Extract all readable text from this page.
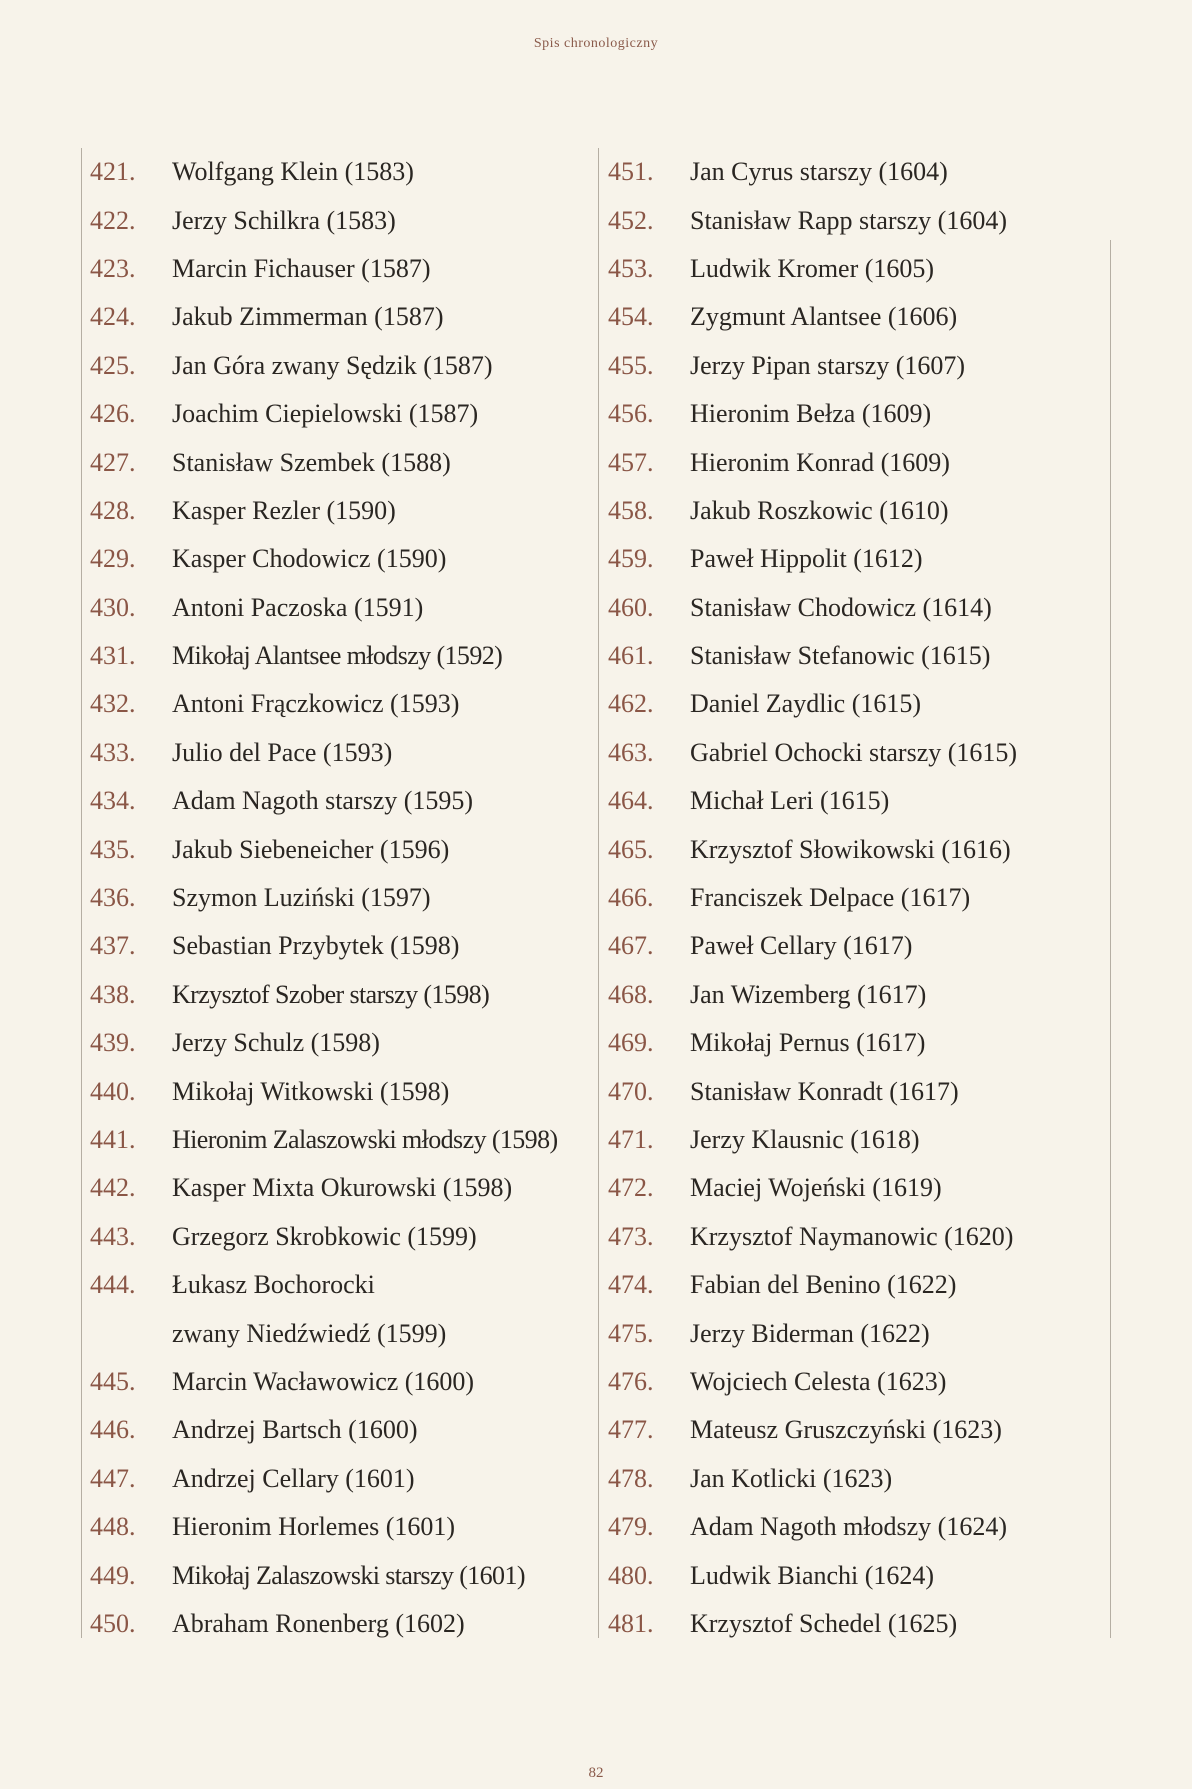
Spis chronologiczny
421.	Wolfgang Klein (1583)
422.	Jerzy Schilkra (1583)
423.	Marcin Fichauser (1587)
424.	Jakub Zimmerman (1587)
425.	Jan Góra zwany Sędzik (1587)
426.	Joachim Ciepielowski (1587)
427.	Stanisław Szembek (1588)
428.	Kasper Rezler (1590)
429.	Kasper Chodowicz (1590)
430.	Antoni Paczoska (1591)
431.	Mikołaj Alantsee młodszy (1592)
432.	Antoni Frączkowicz (1593)
433.	Julio del Pace (1593)
434.	Adam Nagoth starszy (1595)
435.	Jakub Siebeneicher (1596)
436.	Szymon Luziński (1597)
437.	Sebastian Przybytek (1598)
438.	Krzysztof Szober starszy (1598)
439.	Jerzy Schulz (1598)
440.	Mikołaj Witkowski (1598)
441.	Hieronim Zalaszowski młodszy (1598)
442.	Kasper Mixta Okurowski (1598)
443.	Grzegorz Skrobkowic (1599)
444.	Łukasz Bochorocki
zwany Niedźwiedź (1599)
445.	Marcin Wacławowicz (1600)
446.	Andrzej Bartsch (1600)
447.	Andrzej Cellary (1601)
448.	Hieronim Horlemes (1601)
449.	Mikołaj Zalaszowski starszy (1601)
450.	Abraham Ronenberg (1602)
451.	Jan Cyrus starszy (1604)
452.	Stanisław Rapp starszy (1604)
453.	Ludwik Kromer (1605)
454.	Zygmunt Alantsee (1606)
455.	Jerzy Pipan starszy (1607)
456.	Hieronim Bełza (1609)
457.	Hieronim Konrad (1609)
458.	Jakub Roszkowic (1610)
459.	Paweł Hippolit (1612)
460.	Stanisław Chodowicz (1614)
461.	Stanisław Stefanowic (1615)
462.	Daniel Zaydlic (1615)
463.	Gabriel Ochocki starszy (1615)
464.	Michał Leri (1615)
465.	Krzysztof Słowikowski (1616)
466.	Franciszek Delpace (1617)
467.	Paweł Cellary (1617)
468.	Jan Wizemberg (1617)
469.	Mikołaj Pernus (1617)
470.	Stanisław Konradt (1617)
471.	Jerzy Klausnic (1618)
472.	Maciej Wojeński (1619)
473.	Krzysztof Naymanowic (1620)
474.	Fabian del Benino (1622)
475.	Jerzy Biderman (1622)
476.	Wojciech Celesta (1623)
477.	Mateusz Gruszczyński (1623)
478.	Jan Kotlicki (1623)
479.	Adam Nagoth młodszy (1624)
480.	Ludwik Bianchi (1624)
481.	Krzysztof Schedel (1625)
82
